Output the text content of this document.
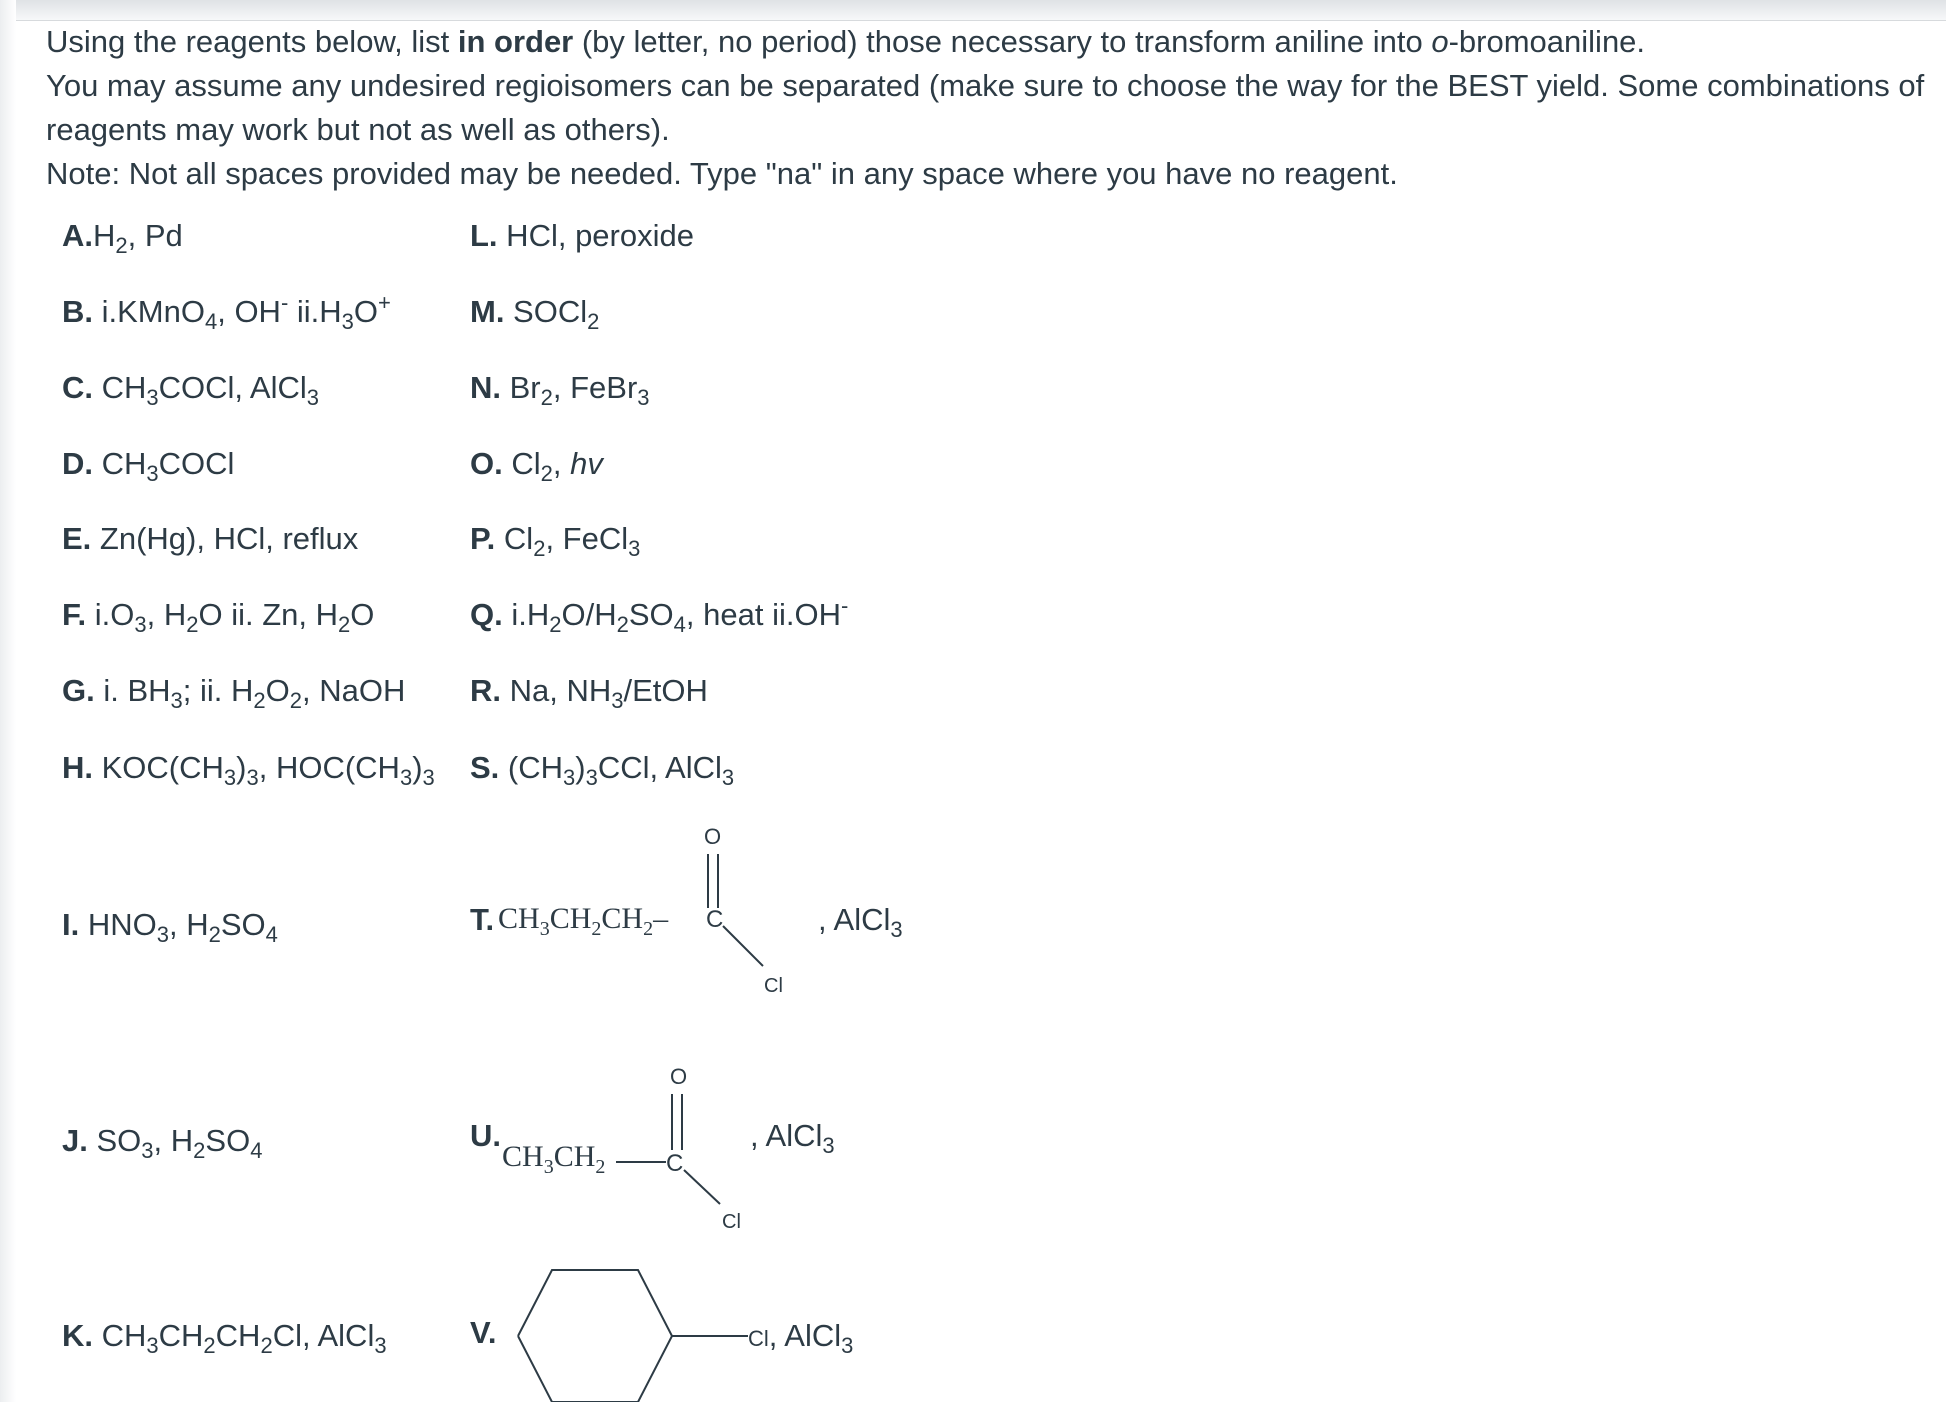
Using the reagents below, list in order (by letter, no period) those necessary to transform aniline into o-bromoaniline.
You may assume any undesired regioisomers can be separated (make sure to choose the way for the BEST yield. Some combinations of
reagents may work but not as well as others).
Note: Not all spaces provided may be needed. Type "na" in any space where you have no reagent.
$A.H_2$, Pd
B. i.KMnO$_4$, OH- $ii.H_3O^+$
C. $CH_3COCl$, AlCl$_3$
D. $CH_3COCl$
E. Zn(Hg), HCl, reflux
F. $i.O_3$, $H_2O$ ii. Zn, $H_2O$
G. i. $BH_3$; ii. $H_2O_2$, NaOH
H. $KOC(CH_3)_3$, $HOC(CH_3)_3$
I. $HNO_3$, $H_2SO_4$
J. $SO_3$, $H_2SO_4$
K. $CH_3CH_2CH_2Cl$, AlCl$_3$
L. HCl, peroxide
M. SOCl$_2$
N. $Br_2$, FeBr$_3$
O. $Cl_2$, hv
P. $Cl_2$, FeCl$_3$
Q. $i.H_2O/H_2SO_4$, heat ii.OH-
R. Na, $NH_3$/EtOH
S. $(CH_3)_3CCl$, AlCl$_3$
T. $CH_3CH_2CH_2-$ C
O
Cl
, AlCl$_3$
U.
$CH_3CH_2$	C
O
Cl
, AlCl$_3$
V.	Cl, AlCl$_3$
